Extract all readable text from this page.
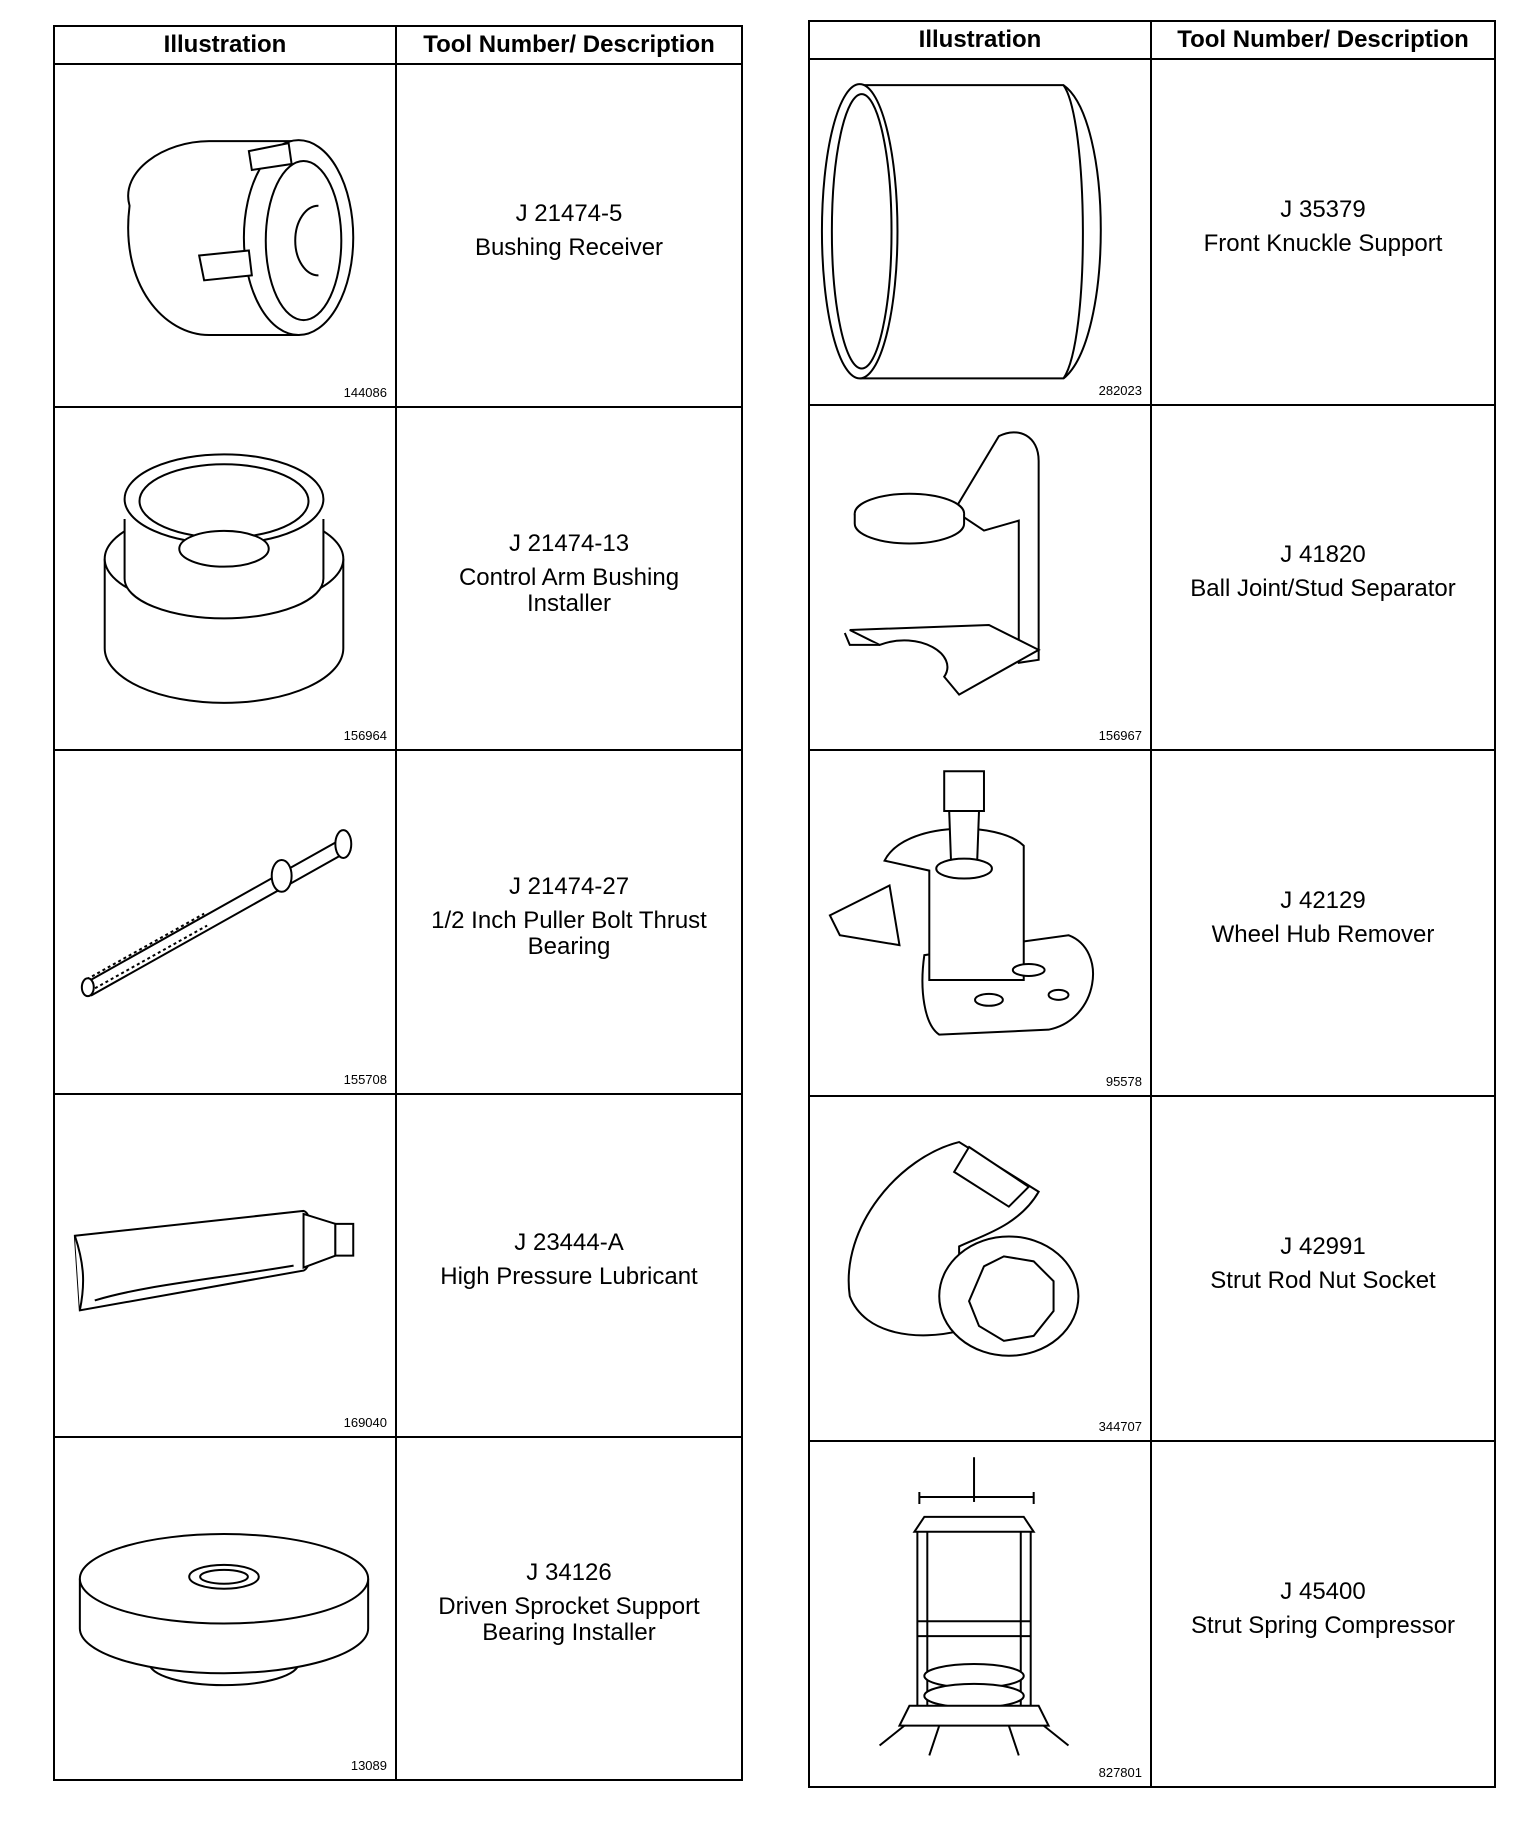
Illustration	Tool Number/ Description
144086
J 21474-5
Bushing Receiver
156964
J 21474-13
Control Arm Bushing Installer
155708
J 21474-27
1/2 Inch Puller Bolt Thrust Bearing
169040
J 23444-A
High Pressure Lubricant
13089
J 34126
Driven Sprocket Support Bearing Installer
Illustration	Tool Number/ Description
282023
J 35379
Front Knuckle Support
156967
J 41820
Ball Joint/Stud Separator
95578
J 42129
Wheel Hub Remover
344707
J 42991
Strut Rod Nut Socket
827801
J 45400
Strut Spring Compressor
